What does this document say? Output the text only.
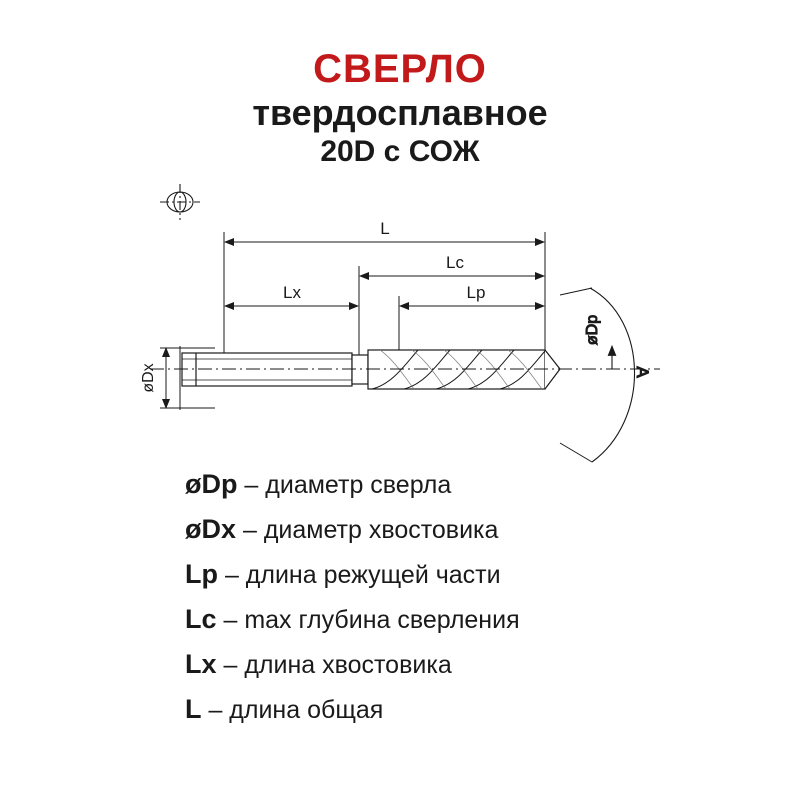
СВЕРЛО
твердосплавное
20D с СОЖ
L
Lc
Lx	Lp
øDx	A
øDp
øDp – диаметр сверла
øDx – диаметр хвостовика
Lp – длина режущей части
Lc – max глубина сверления
Lx – длина хвостовика
L – длина общая
